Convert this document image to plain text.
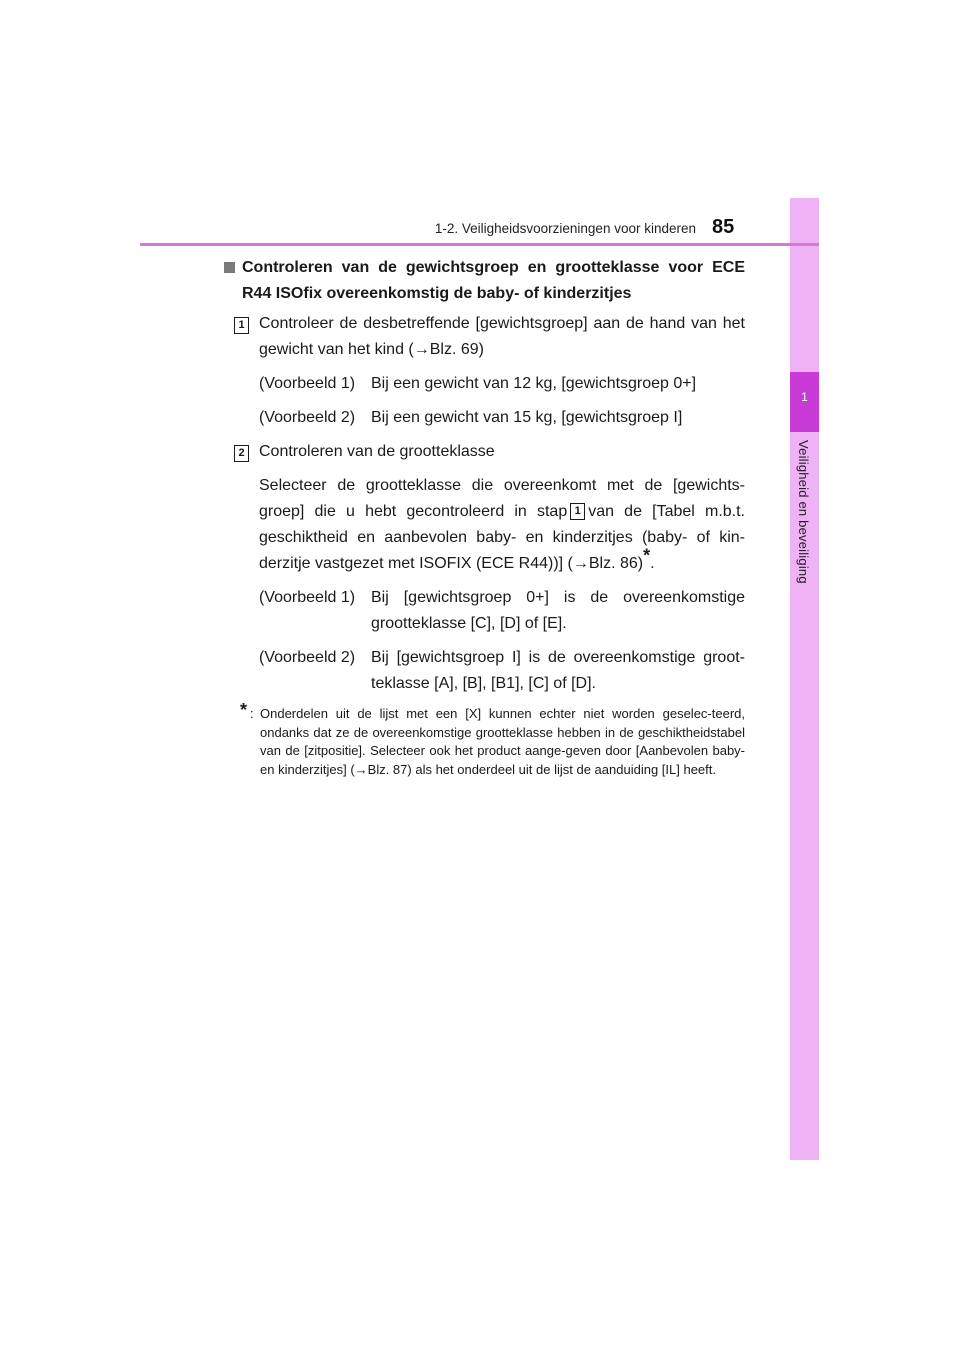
1
Veiligheid en beveiliging
1-2. Veiligheidsvoorzieningen voor kinderen 85
Controleren van de gewichtsgroep en grootteklasse voor ECE R44 ISOfix overeenkomstig de baby- of kinderzitjes
1 Controleer de desbetreffende [gewichtsgroep] aan de hand van het gewicht van het kind (→Blz. 69)
(Voorbeeld 1) Bij een gewicht van 12 kg, [gewichtsgroep 0+]
(Voorbeeld 2) Bij een gewicht van 15 kg, [gewichtsgroep I]
2 Controleren van de grootteklasse
Selecteer de grootteklasse die overeenkomt met de [gewichts-groep] die u hebt gecontroleerd in stap 1 van de [Tabel m.b.t. geschiktheid en aanbevolen baby- en kinderzitjes (baby- of kin-derzitje vastgezet met ISOFIX (ECE R44))] (→Blz. 86)*.
(Voorbeeld 1) Bij [gewichtsgroep 0+] is de overeenkomstige grootteklasse [C], [D] of [E].
(Voorbeeld 2) Bij [gewichtsgroep I] is de overeenkomstige groot-teklasse [A], [B], [B1], [C] of [D].
* : Onderdelen uit de lijst met een [X] kunnen echter niet worden geselec-teerd, ondanks dat ze de overeenkomstige grootteklasse hebben in de geschiktheidstabel van de [zitpositie]. Selecteer ook het product aange-geven door [Aanbevolen baby- en kinderzitjes] (→Blz. 87) als het onderdeel uit de lijst de aanduiding [IL] heeft.
